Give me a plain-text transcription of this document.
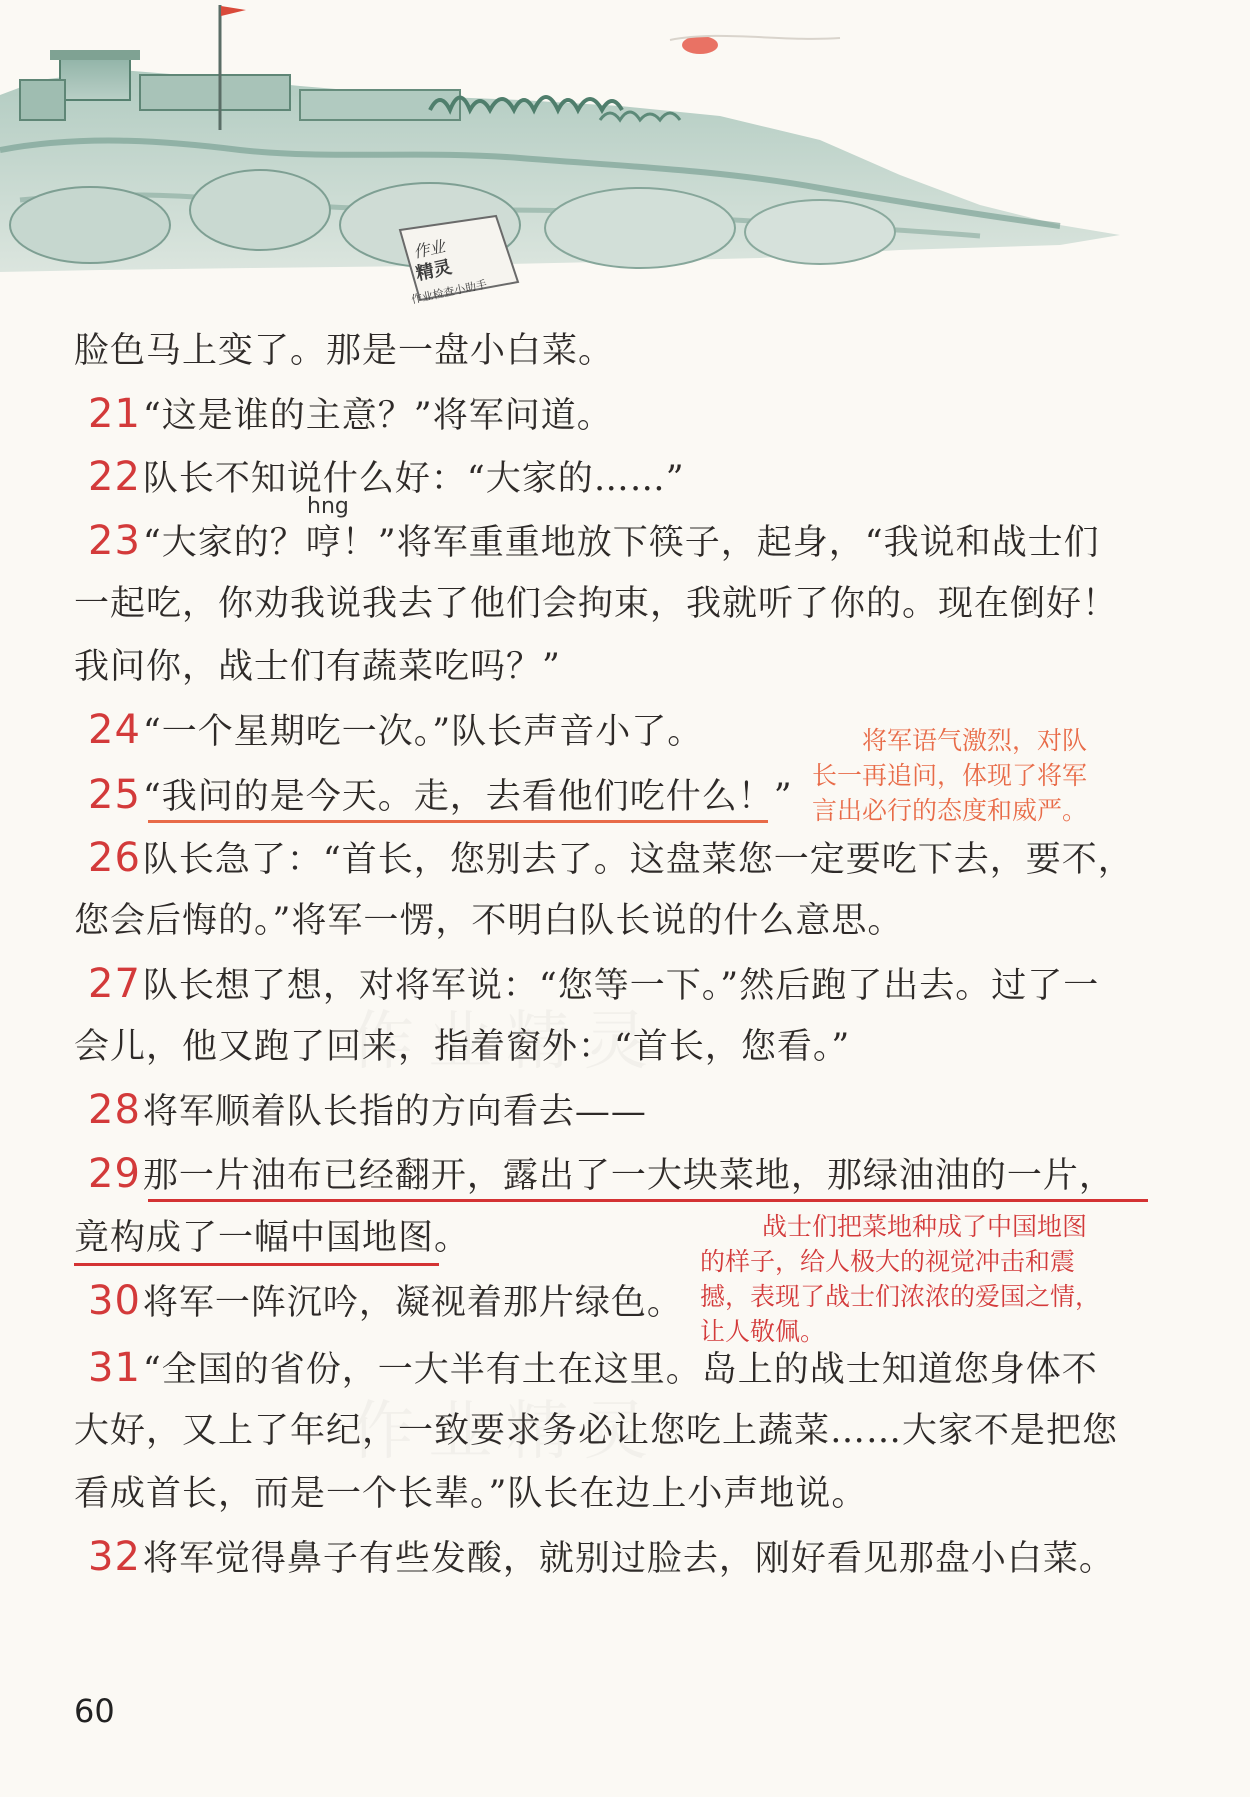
作业
精灵
作业检查小助手
脸色马上变了。那是一盘小白菜。
21“这是谁的主意？”将军问道。
22队长不知说什么好：“大家的……”
hng
23“大家的？哼！”将军重重地放下筷子，起身，“我说和战士们
一起吃，你劝我说我去了他们会拘束，我就听了你的。现在倒好！
我问你，战士们有蔬菜吃吗？”
24“一个星期吃一次。”队长声音小了。
25“我问的是今天。走，去看他们吃什么！”
将军语气激烈，对队
长一再追问，体现了将军
言出必行的态度和威严。
26队长急了：“首长，您别去了。这盘菜您一定要吃下去，要不，
您会后悔的。”将军一愣，不明白队长说的什么意思。
27队长想了想，对将军说：“您等一下。”然后跑了出去。过了一
会儿，他又跑了回来，指着窗外：“首长，您看。”
28将军顺着队长指的方向看去——
29那一片油布已经翻开，露出了一大块菜地，那绿油油的一片，
竟构成了一幅中国地图。	战士们把菜地种成了中国地图
的样子，给人极大的视觉冲击和震
撼，表现了战士们浓浓的爱国之情，
让人敬佩。
30将军一阵沉吟，凝视着那片绿色。
31“全国的省份，一大半有土在这里。岛上的战士知道您身体不
大好，又上了年纪，一致要求务必让您吃上蔬菜……大家不是把您
看成首长，而是一个长辈。”队长在边上小声地说。
32将军觉得鼻子有些发酸，就别过脸去，刚好看见那盘小白菜。
60
